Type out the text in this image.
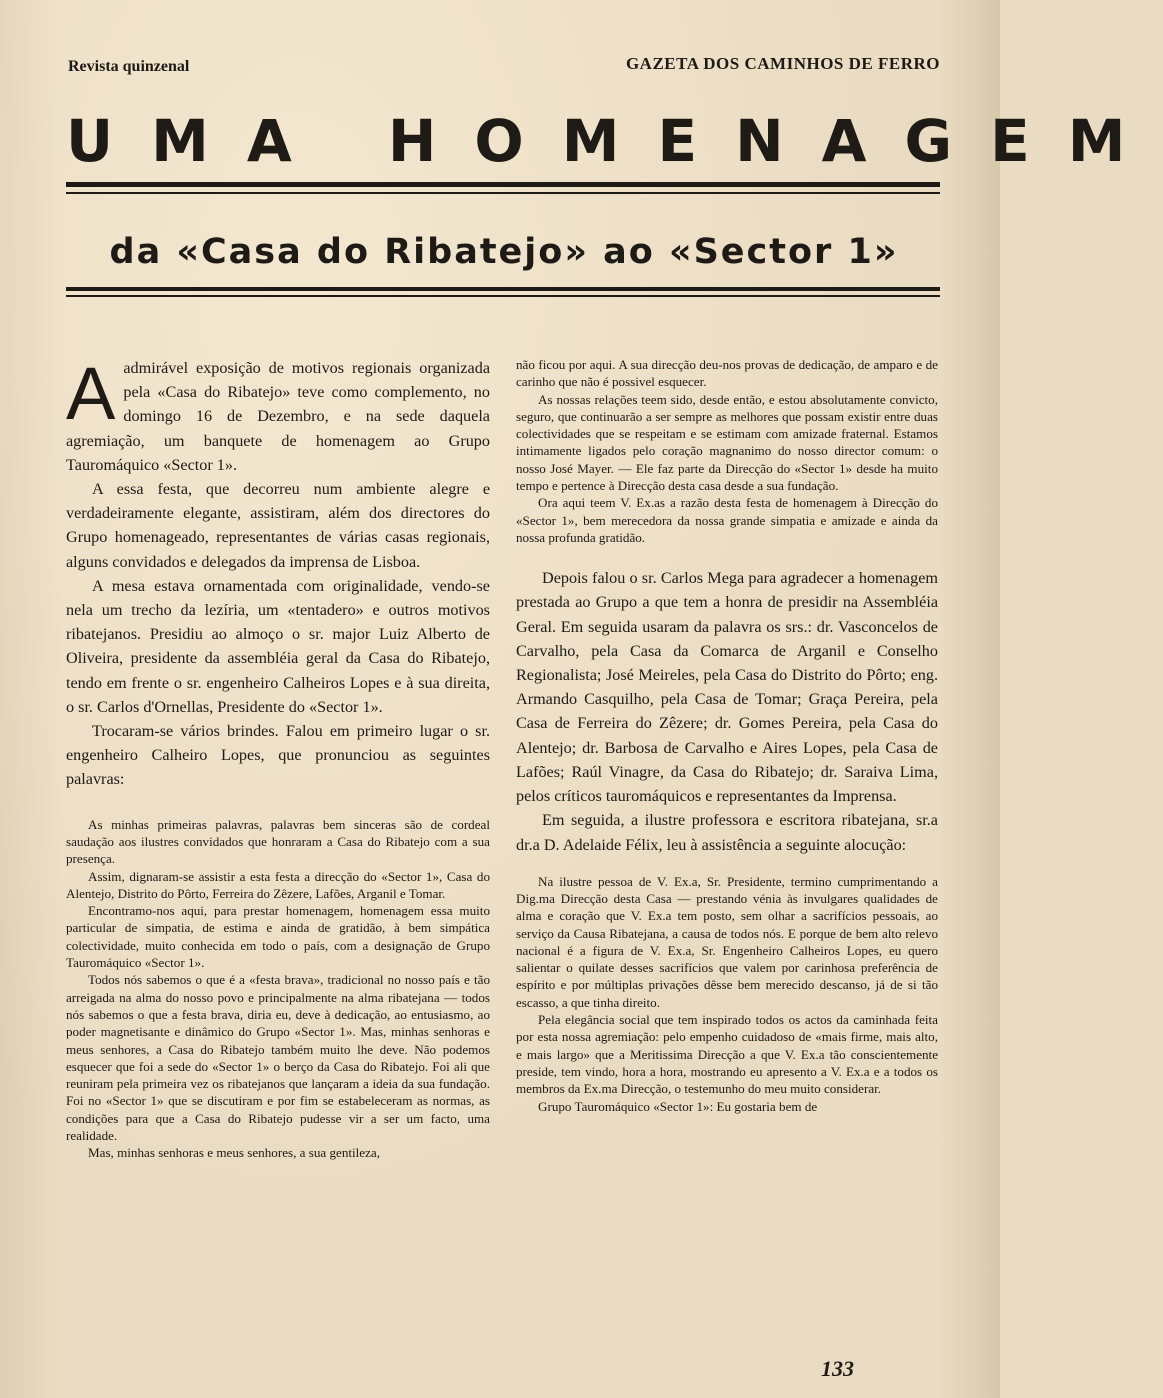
Revista quinzenal	GAZETA DOS CAMINHOS DE FERRO
UMA HOMENAGEM
da «Casa do Ribatejo» ao «Sector 1»

Aadmirável exposição de motivos regionais organizada pela «Casa do Ribatejo» teve como complemento, no domingo 16 de Dezembro, e na sede daquela agremiação, um banquete de homenagem ao Grupo Tauromáquico «Sector 1».

A essa festa, que decorreu num ambiente alegre e verdadeiramente elegante, assistiram, além dos directores do Grupo homenageado, representantes de várias casas regionais, alguns convidados e delegados da imprensa de Lisboa.

A mesa estava ornamentada com originalidade, vendo-se nela um trecho da lezíria, um «tentadero» e outros motivos ribatejanos. Presidiu ao almoço o sr. major Luiz Alberto de Oliveira, presidente da assembléia geral da Casa do Ribatejo, tendo em frente o sr. engenheiro Calheiros Lopes e à sua direita, o sr. Carlos d'Ornellas, Presidente do «Sector 1».

Trocaram-se vários brindes. Falou em primeiro lugar o sr. engenheiro Calheiro Lopes, que pronunciou as seguintes palavras:

As minhas primeiras palavras, palavras bem sinceras são de cordeal saudação aos ilustres convidados que honraram a Casa do Ribatejo com a sua presença.

Assim, dignaram-se assistir a esta festa a direcção do «Sector 1», Casa do Alentejo, Distrito do Pôrto, Ferreira do Zêzere, Lafões, Arganil e Tomar.

Encontramo-nos aqui, para prestar homenagem, homenagem essa muito particular de simpatia, de estima e ainda de gratidão, à bem simpática colectividade, muito conhecida em todo o país, com a designação de Grupo Tauromáquico «Sector 1».

Todos nós sabemos o que é a «festa brava», tradicional no nosso país e tão arreigada na alma do nosso povo e principalmente na alma ribatejana — todos nós sabemos o que a festa brava, diria eu, deve à dedicação, ao entusiasmo, ao poder magnetisante e dinâmico do Grupo «Sector 1». Mas, minhas senhoras e meus senhores, a Casa do Ribatejo também muito lhe deve. Não podemos esquecer que foi a sede do «Sector 1» o berço da Casa do Ribatejo. Foi ali que reuniram pela primeira vez os ribatejanos que lançaram a ideia da sua fundação. Foi no «Sector 1» que se discutiram e por fim se estabeleceram as normas, as condições para que a Casa do Ribatejo pudesse vir a ser um facto, uma realidade.

Mas, minhas senhoras e meus senhores, a sua gentileza,

não ficou por aqui. A sua direcção deu-nos provas de dedicação, de amparo e de carinho que não é possivel esquecer.

As nossas relações teem sido, desde então, e estou absolutamente convicto, seguro, que continuarão a ser sempre as melhores que possam existir entre duas colectividades que se respeitam e se estimam com amizade fraternal. Estamos intimamente ligados pelo coração magnanimo do nosso director comum: o nosso José Mayer. — Ele faz parte da Direcção do «Sector 1» desde ha muito tempo e pertence à Direcção desta casa desde a sua fundação.

Ora aqui teem V. Ex.as a razão desta festa de homenagem à Direcção do «Sector 1», bem merecedora da nossa grande simpatia e amizade e ainda da nossa profunda gratidão.

Depois falou o sr. Carlos Mega para agradecer a homenagem prestada ao Grupo a que tem a honra de presidir na Assembléia Geral. Em seguida usaram da palavra os srs.: dr. Vasconcelos de Carvalho, pela Casa da Comarca de Arganil e Conselho Regionalista; José Meireles, pela Casa do Distrito do Pôrto; eng. Armando Casquilho, pela Casa de Tomar; Graça Pereira, pela Casa de Ferreira do Zêzere; dr. Gomes Pereira, pela Casa do Alentejo; dr. Barbosa de Carvalho e Aires Lopes, pela Casa de Lafões; Raúl Vinagre, da Casa do Ribatejo; dr. Saraiva Lima, pelos críticos tauromáquicos e representantes da Imprensa.

Em seguida, a ilustre professora e escritora ribatejana, sr.a dr.a D. Adelaide Félix, leu à assistência a seguinte alocução:

Na ilustre pessoa de V. Ex.a, Sr. Presidente, termino cumprimentando a Dig.ma Direcção desta Casa — prestando vénia às invulgares qualidades de alma e coração que V. Ex.a tem posto, sem olhar a sacrifícios pessoais, ao serviço da Causa Ribatejana, a causa de todos nós. E porque de bem alto relevo nacional é a figura de V. Ex.a, Sr. Engenheiro Calheiros Lopes, eu quero salientar o quilate desses sacrifícios que valem por carinhosa preferência de espírito e por múltiplas privações dêsse bem merecido descanso, já de si tão escasso, a que tinha direito.

Pela elegância social que tem inspirado todos os actos da caminhada feita por esta nossa agremiação: pelo empenho cuidadoso de «mais firme, mais alto, e mais largo» que a Meritissima Direcção a que V. Ex.a tão conscientemente preside, tem vindo, hora a hora, mostrando eu apresento a V. Ex.a e a todos os membros da Ex.ma Direcção, o testemunho do meu muito considerar.

Grupo Tauromáquico «Sector 1»: Eu gostaria bem de

133
